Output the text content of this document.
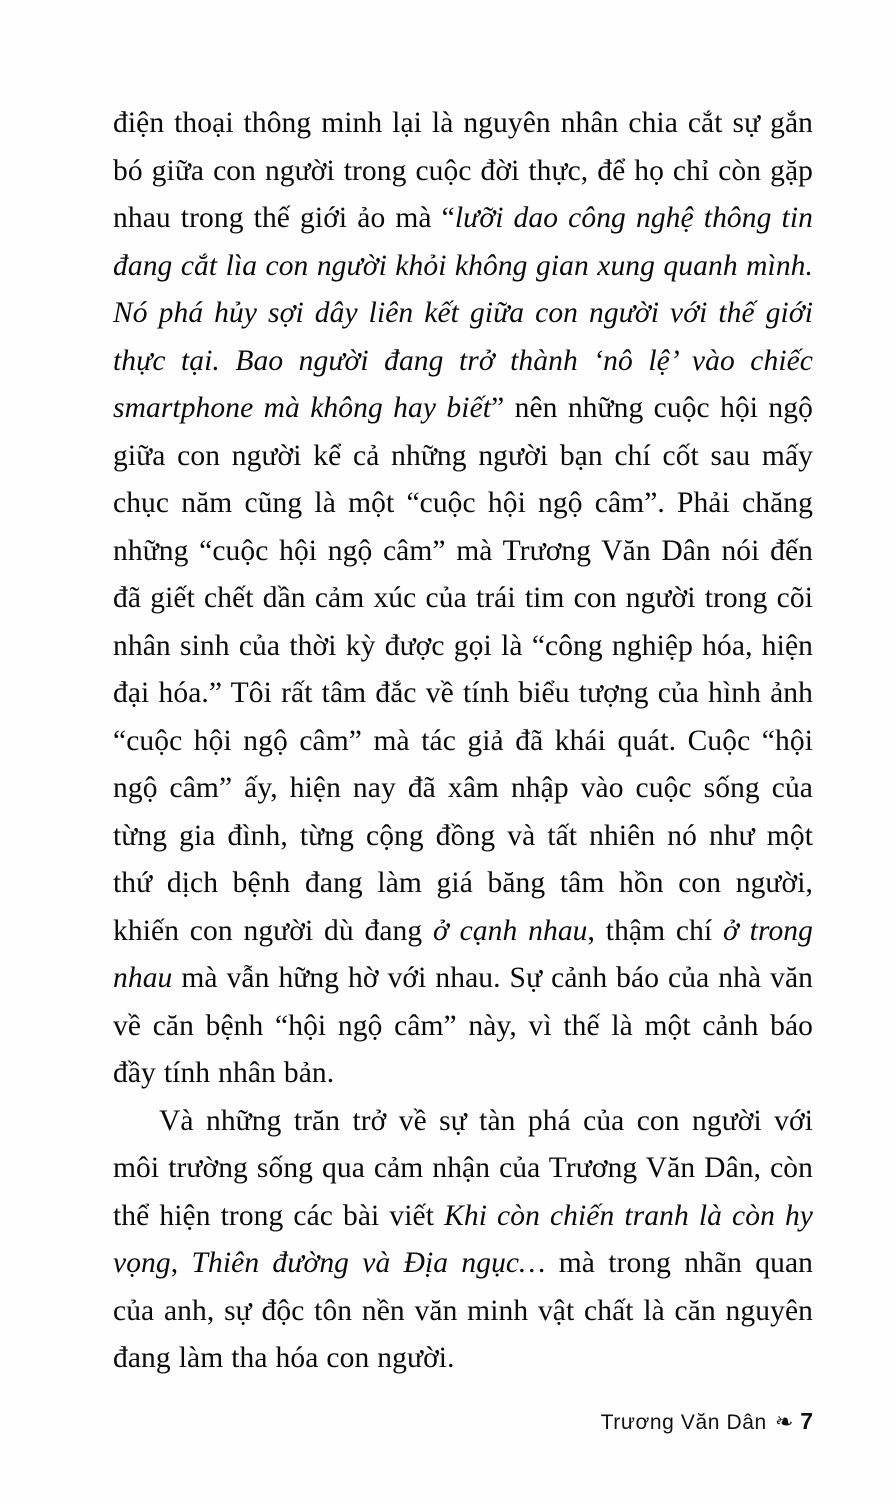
điện thoại thông minh lại là nguyên nhân chia cắt sự gắn bó giữa con người trong cuộc đời thực, để họ chỉ còn gặp nhau trong thế giới ảo mà “lưỡi dao công nghệ thông tin đang cắt lìa con người khỏi không gian xung quanh mình. Nó phá hủy sợi dây liên kết giữa con người với thế giới thực tại. Bao người đang trở thành ‘nô lệ’ vào chiếc smartphone mà không hay biết” nên những cuộc hội ngộ giữa con người kể cả những người bạn chí cốt sau mấy chục năm cũng là một “cuộc hội ngộ câm”. Phải chăng những “cuộc hội ngộ câm” mà Trương Văn Dân nói đến đã giết chết dần cảm xúc của trái tim con người trong cõi nhân sinh của thời kỳ được gọi là “công nghiệp hóa, hiện đại hóa.” Tôi rất tâm đắc về tính biểu tượng của hình ảnh “cuộc hội ngộ câm” mà tác giả đã khái quát. Cuộc “hội ngộ câm” ấy, hiện nay đã xâm nhập vào cuộc sống của từng gia đình, từng cộng đồng và tất nhiên nó như một thứ dịch bệnh đang làm giá băng tâm hồn con người, khiến con người dù đang ở cạnh nhau, thậm chí ở trong nhau mà vẫn hững hờ với nhau. Sự cảnh báo của nhà văn về căn bệnh “hội ngộ câm” này, vì thế là một cảnh báo đầy tính nhân bản.

Và những trăn trở về sự tàn phá của con người với môi trường sống qua cảm nhận của Trương Văn Dân, còn thể hiện trong các bài viết Khi còn chiến tranh là còn hy vọng, Thiên đường và Địa ngục… mà trong nhãn quan của anh, sự độc tôn nền văn minh vật chất là căn nguyên đang làm tha hóa con người.

Trương Văn Dân ❧ 7
